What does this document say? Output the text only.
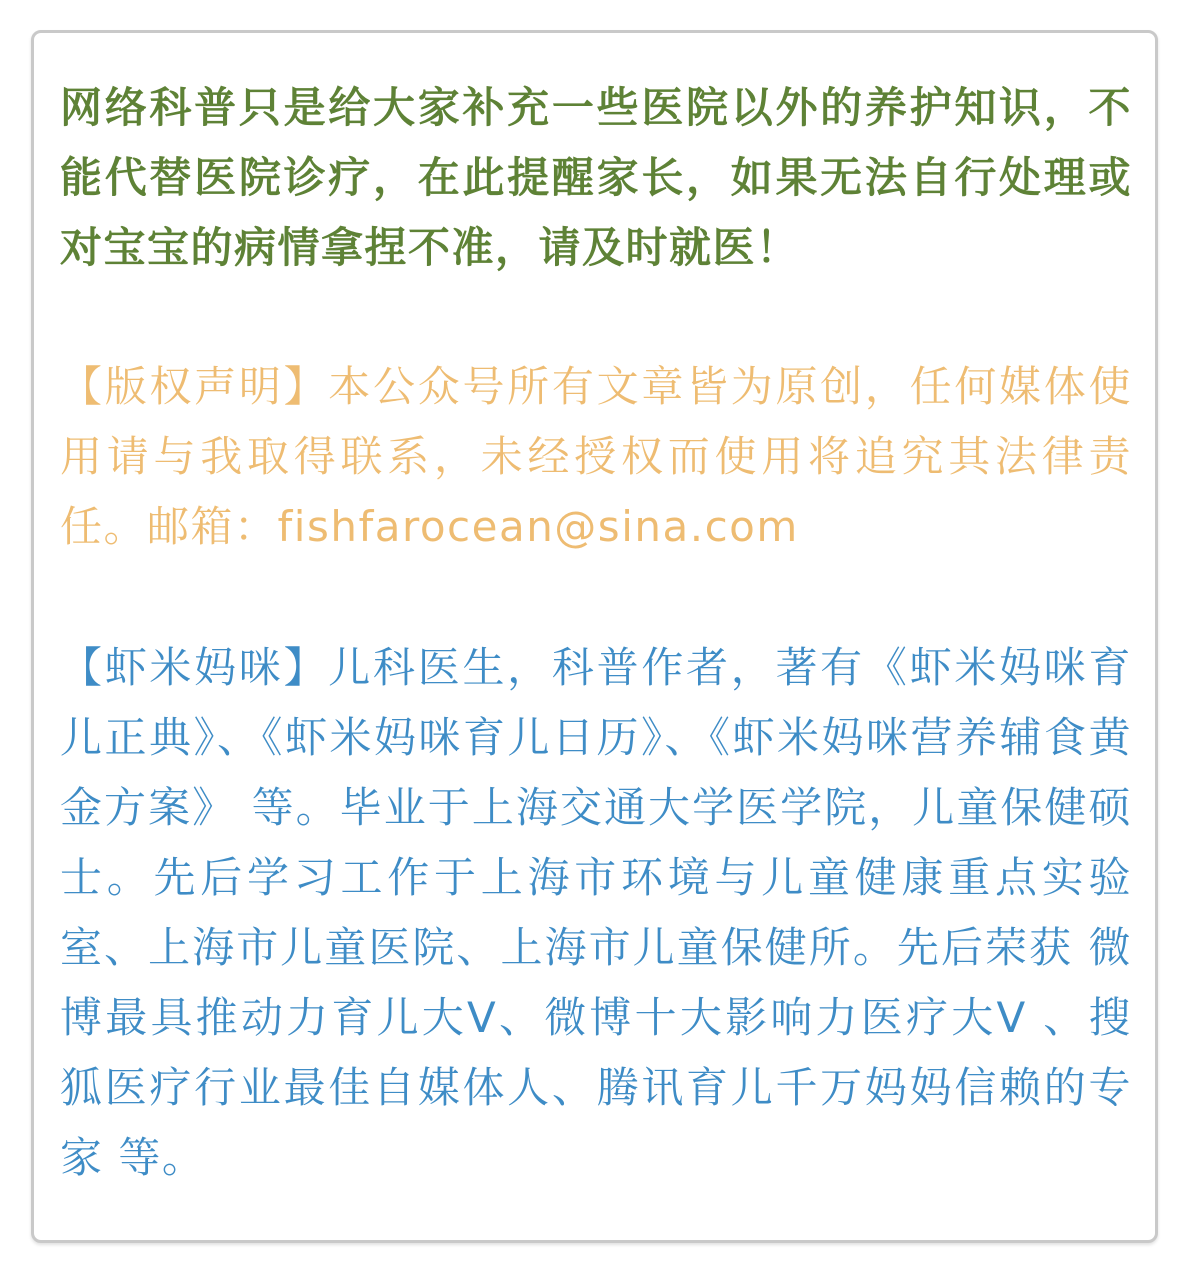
网络科普只是给大家补充一些医院以外的养护知识，不能代替医院诊疗，在此提醒家长，如果无法自行处理或对宝宝的病情拿捏不准，请及时就医！

【版权声明】本公众号所有文章皆为原创，任何媒体使用请与我取得联系，未经授权而使用将追究其法律责任。邮箱：fishfarocean@sina.com

【虾米妈咪】儿科医生，科普作者，著有《虾米妈咪育儿正典》、《虾米妈咪育儿日历》、《虾米妈咪营养辅食黄金方案》 等。毕业于上海交通大学医学院，儿童保健硕士。先后学习工作于上海市环境与儿童健康重点实验室、上海市儿童医院、上海市儿童保健所。先后荣获 微博最具推动力育儿大V、微博十大影响力医疗大V 、搜狐医疗行业最佳自媒体人、腾讯育儿千万妈妈信赖的专家 等。
